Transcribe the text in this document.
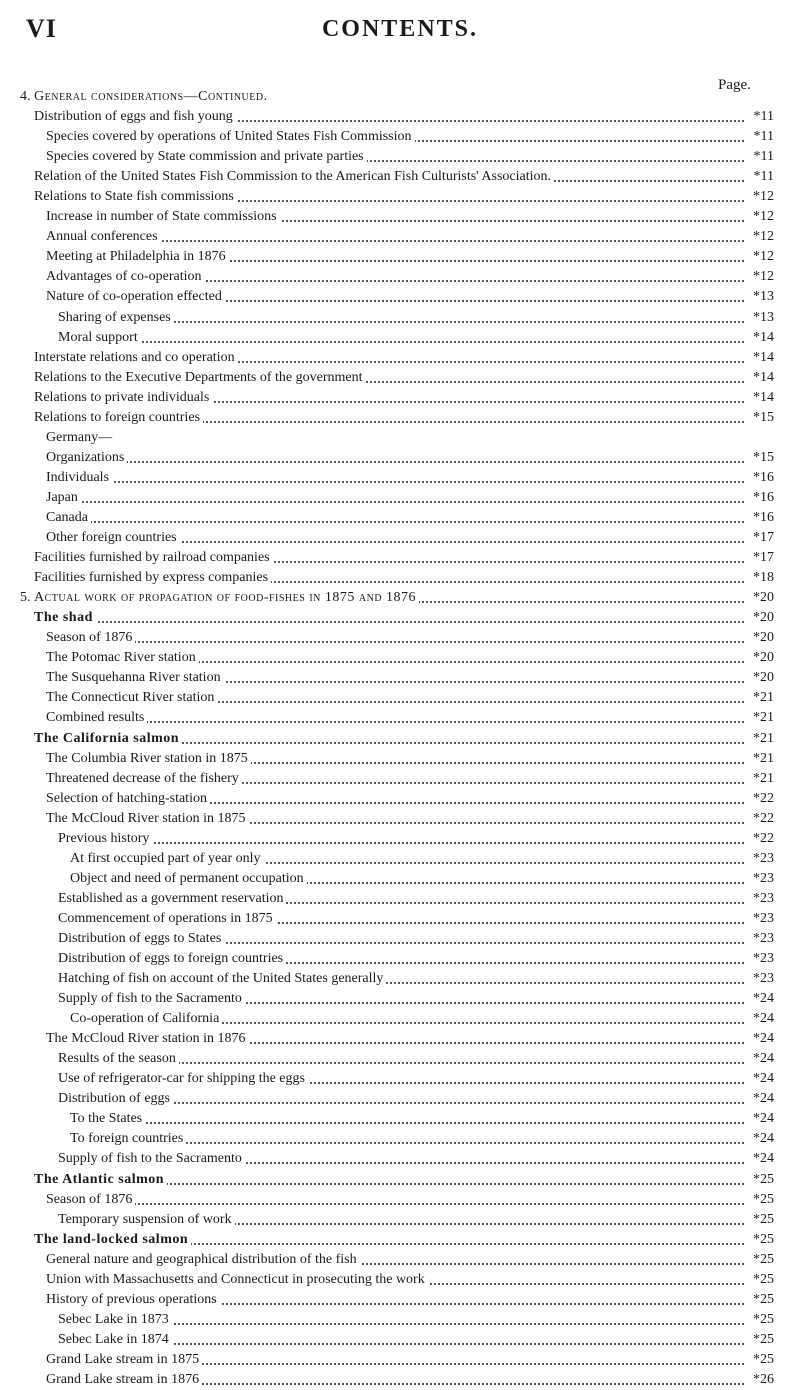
VI	CONTENTS.
Page.
4. General considerations—Continued.
Distribution of eggs and fish young	*11
Species covered by operations of United States Fish Commission	*11
Species covered by State commission and private parties	*11
Relation of the United States Fish Commission to the American Fish Culturists' Association.	*11
Relations to State fish commissions	*12
Increase in number of State commissions	*12
Annual conferences	*12
Meeting at Philadelphia in 1876	*12
Advantages of co-operation	*12
Nature of co-operation effected	*13
Sharing of expenses	*13
Moral support	*14
Interstate relations and co operation	*14
Relations to the Executive Departments of the government	*14
Relations to private individuals	*14
Relations to foreign countries	*15
Germany—
Organizations	*15
Individuals	*16
Japan	*16
Canada	*16
Other foreign countries	*17
Facilities furnished by railroad companies	*17
Facilities furnished by express companies	*18
5. Actual work of propagation of food-fishes in 1875 and 1876	*20
The shad	*20
Season of 1876	*20
The Potomac River station	*20
The Susquehanna River station	*20
The Connecticut River station	*21
Combined results	*21
The California salmon	*21
The Columbia River station in 1875	*21
Threatened decrease of the fishery	*21
Selection of hatching-station	*22
The McCloud River station in 1875	*22
Previous history	*22
At first occupied part of year only	*23
Object and need of permanent occupation	*23
Established as a government reservation	*23
Commencement of operations in 1875	*23
Distribution of eggs to States	*23
Distribution of eggs to foreign countries	*23
Hatching of fish on account of the United States generally	*23
Supply of fish to the Sacramento	*24
Co-operation of California	*24
The McCloud River station in 1876	*24
Results of the season	*24
Use of refrigerator-car for shipping the eggs	*24
Distribution of eggs	*24
To the States	*24
To foreign countries	*24
Supply of fish to the Sacramento	*24
The Atlantic salmon	*25
Season of 1876	*25
Temporary suspension of work	*25
The land-locked salmon	*25
General nature and geographical distribution of the fish	*25
Union with Massachusetts and Connecticut in prosecuting the work	*25
History of previous operations	*25
Sebec Lake in 1873	*25
Sebec Lake in 1874	*25
Grand Lake stream in 1875	*25
Grand Lake stream in 1876	*26
